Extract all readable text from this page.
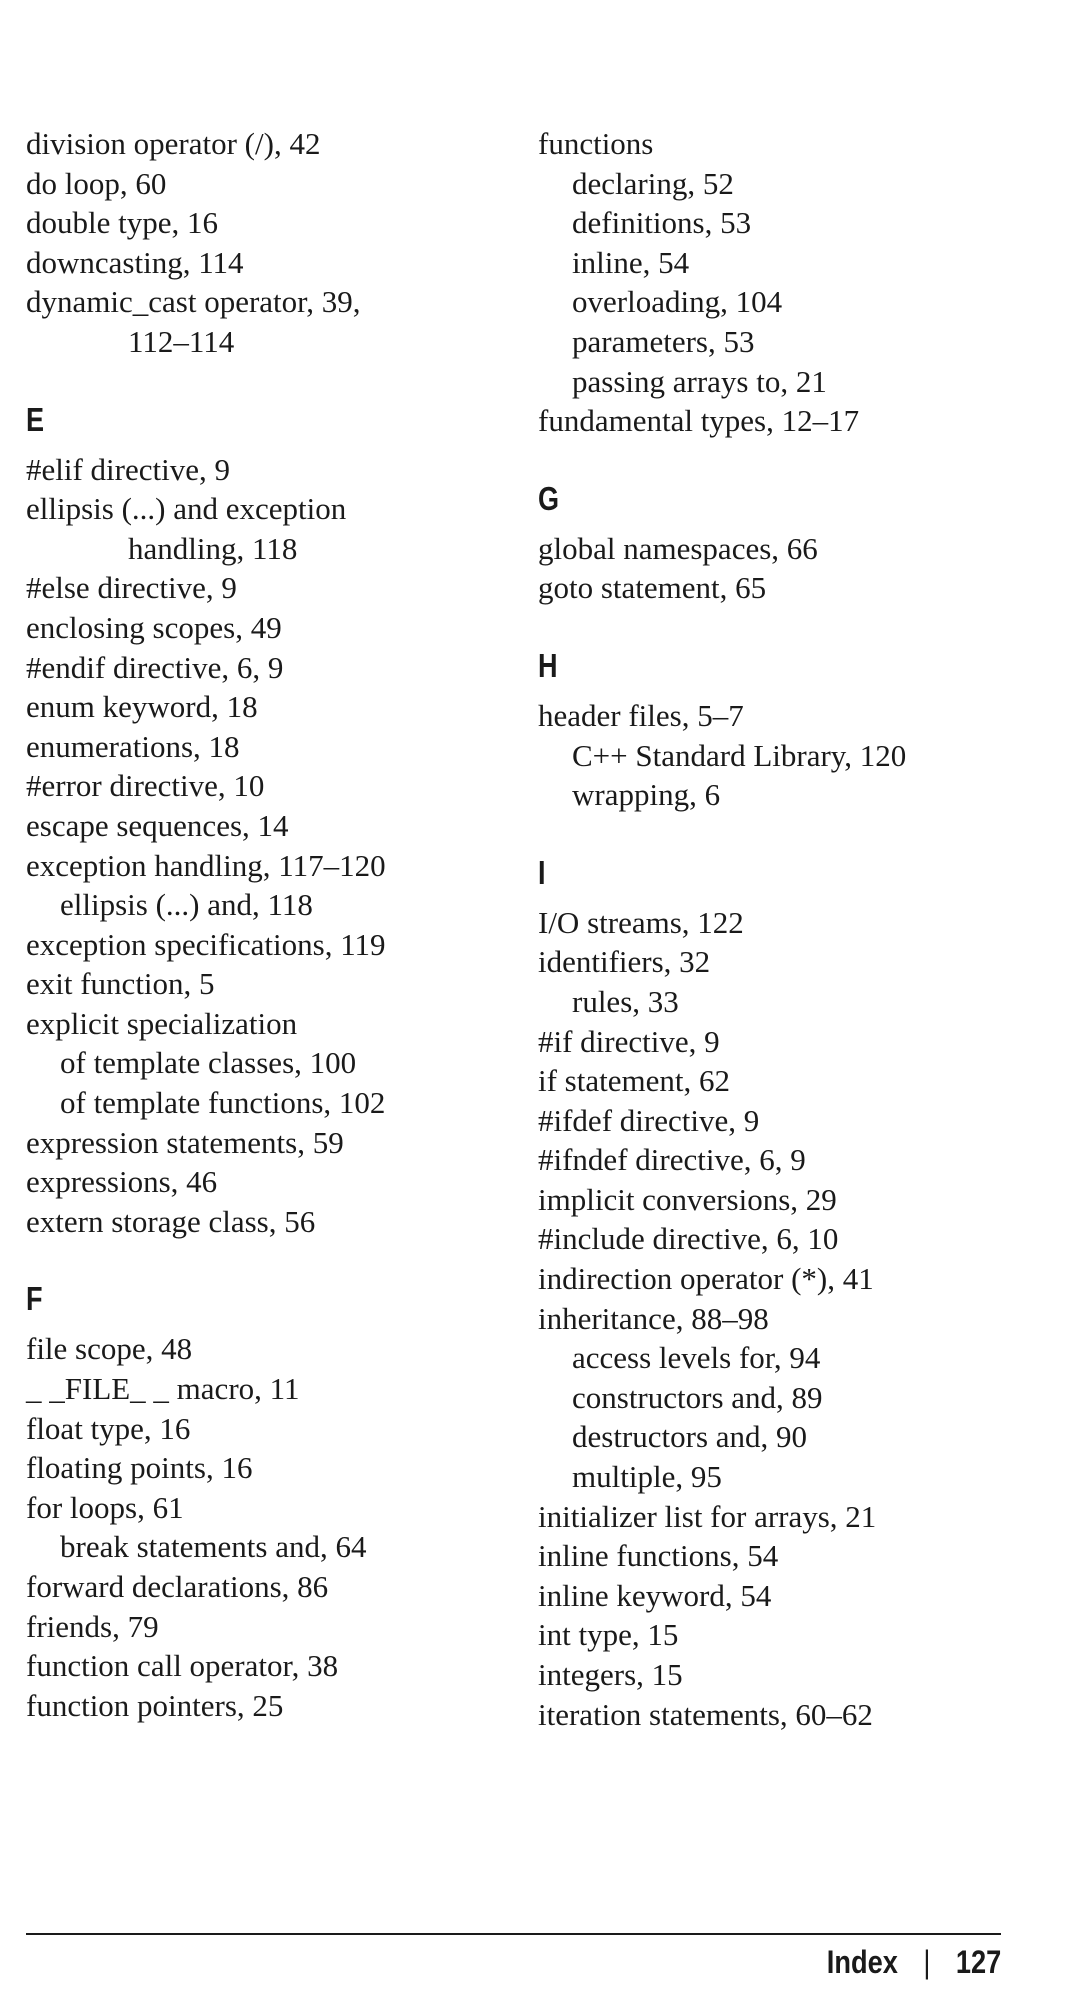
division operator (/), 42
do loop, 60
double type, 16
downcasting, 114
dynamic_cast operator, 39,
112–114
E
#elif directive, 9
ellipsis (...) and exception
handling, 118
#else directive, 9
enclosing scopes, 49
#endif directive, 6, 9
enum keyword, 18
enumerations, 18
#error directive, 10
escape sequences, 14
exception handling, 117–120
ellipsis (...) and, 118
exception specifications, 119
exit function, 5
explicit specialization
of template classes, 100
of template functions, 102
expression statements, 59
expressions, 46
extern storage class, 56
F
file scope, 48
_ _FILE_ _ macro, 11
float type, 16
floating points, 16
for loops, 61
break statements and, 64
forward declarations, 86
friends, 79
function call operator, 38
function pointers, 25
functions
declaring, 52
definitions, 53
inline, 54
overloading, 104
parameters, 53
passing arrays to, 21
fundamental types, 12–17
G
global namespaces, 66
goto statement, 65
H
header files, 5–7
C++ Standard Library, 120
wrapping, 6
I
I/O streams, 122
identifiers, 32
rules, 33
#if directive, 9
if statement, 62
#ifdef directive, 9
#ifndef directive, 6, 9
implicit conversions, 29
#include directive, 6, 10
indirection operator (*), 41
inheritance, 88–98
access levels for, 94
constructors and, 89
destructors and, 90
multiple, 95
initializer list for arrays, 21
inline functions, 54
inline keyword, 54
int type, 15
integers, 15
iteration statements, 60–62
Index | 127
